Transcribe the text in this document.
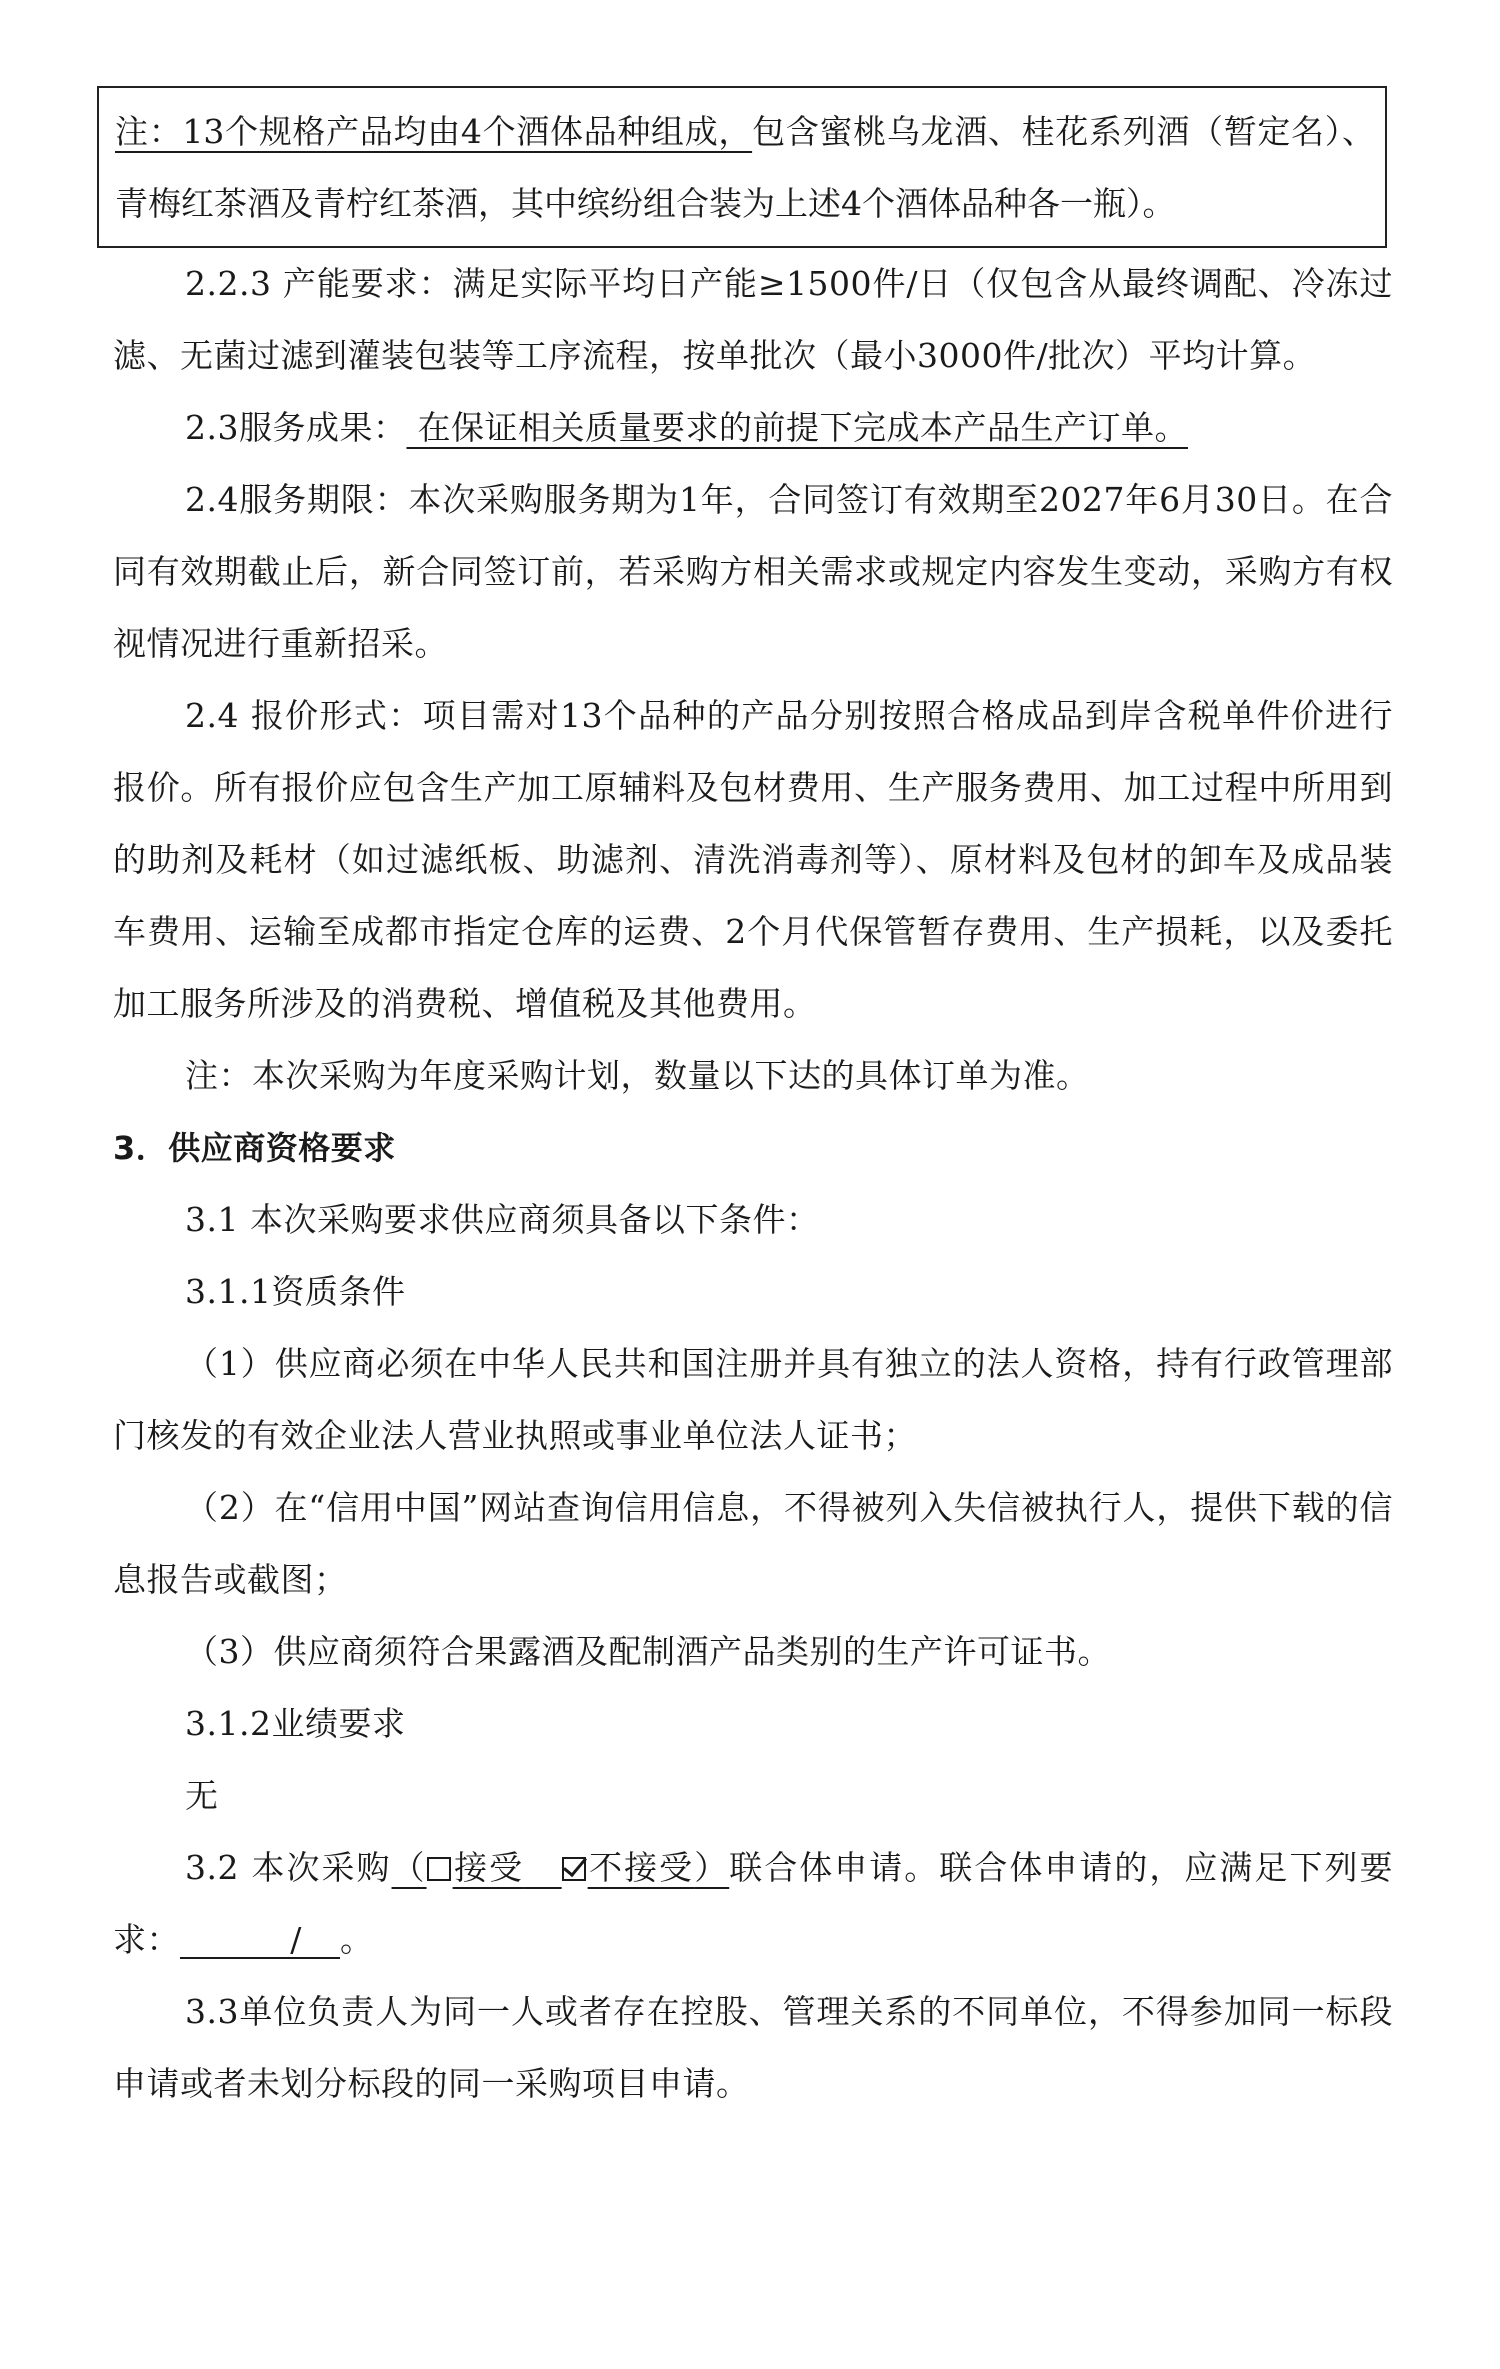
注：13个规格产品均由4个酒体品种组成，包含蜜桃乌龙酒、桂花系列酒（暂定名）、青梅红茶酒及青柠红茶酒，其中缤纷组合装为上述4个酒体品种各一瓶）。

2.2.3 产能要求：满足实际平均日产能≥1500件/日（仅包含从最终调配、冷冻过滤、无菌过滤到灌装包装等工序流程，按单批次（最小3000件/批次）平均计算。

2.3服务成果： 在保证相关质量要求的前提下完成本产品生产订单。

2.4服务期限：本次采购服务期为1年，合同签订有效期至2027年6月30日。在合同有效期截止后，新合同签订前，若采购方相关需求或规定内容发生变动，采购方有权视情况进行重新招采。

2.4 报价形式：项目需对13个品种的产品分别按照合格成品到岸含税单件价进行报价。所有报价应包含生产加工原辅料及包材费用、生产服务费用、加工过程中所用到的助剂及耗材（如过滤纸板、助滤剂、清洗消毒剂等）、原材料及包材的卸车及成品装车费用、运输至成都市指定仓库的运费、2个月代保管暂存费用、生产损耗，以及委托加工服务所涉及的消费税、增值税及其他费用。

注：本次采购为年度采购计划，数量以下达的具体订单为准。

3．供应商资格要求

3.1 本次采购要求供应商须具备以下条件：

3.1.1资质条件

（1）供应商必须在中华人民共和国注册并具有独立的法人资格，持有行政管理部门核发的有效企业法人营业执照或事业单位法人证书；

（2）在“信用中国”网站查询信用信息，不得被列入失信被执行人，提供下载的信息报告或截图；

（3）供应商须符合果露酒及配制酒产品类别的生产许可证书。

3.1.2业绩要求

无

3.2 本次采购（ 接受 不接受）联合体申请。联合体申请的，应满足下列要求：	/ 。

3.3单位负责人为同一人或者存在控股、管理关系的不同单位，不得参加同一标段申请或者未划分标段的同一采购项目申请。
